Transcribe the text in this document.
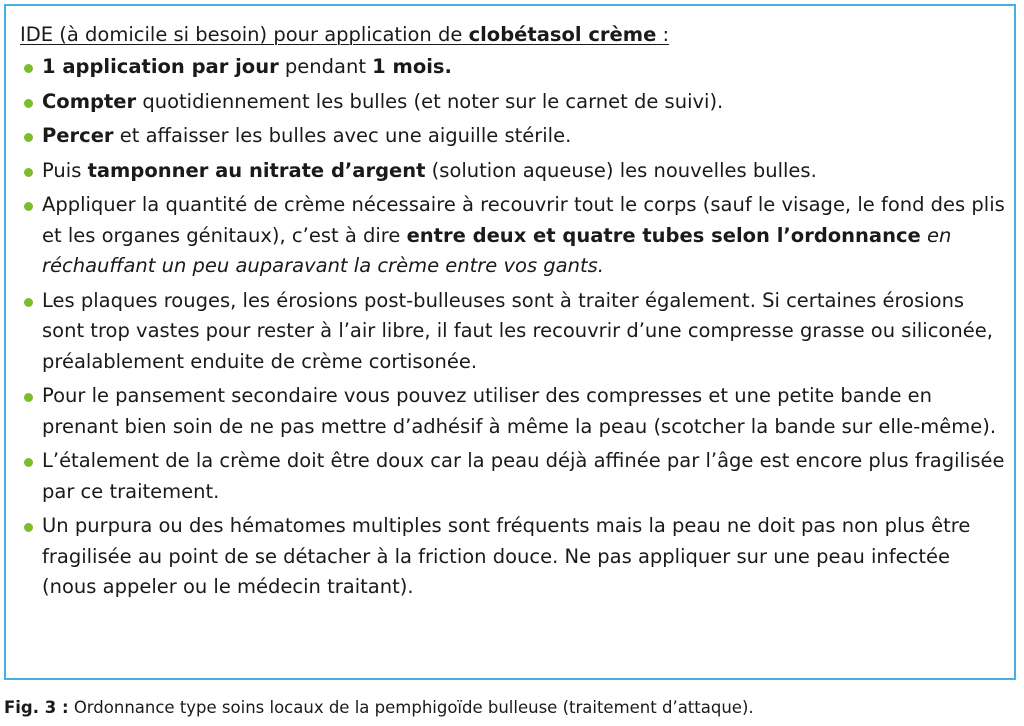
IDE (à domicile si besoin) pour application de clobétasol crème :
1 application par jour pendant 1 mois.
Compter quotidiennement les bulles (et noter sur le carnet de suivi).
Percer et affaisser les bulles avec une aiguille stérile.
Puis tamponner au nitrate d’argent (solution aqueuse) les nouvelles bulles.
Appliquer la quantité de crème nécessaire à recouvrir tout le corps (sauf le visage, le fond des plis et les organes génitaux), c’est à dire entre deux et quatre tubes selon l’ordonnance en réchauffant un peu auparavant la crème entre vos gants.
Les plaques rouges, les érosions post-bulleuses sont à traiter également. Si certaines érosions sont trop vastes pour rester à l’air libre, il faut les recouvrir d’une compresse grasse ou siliconée, préalablement enduite de crème cortisonée.
Pour le pansement secondaire vous pouvez utiliser des compresses et une petite bande en prenant bien soin de ne pas mettre d’adhésif à même la peau (scotcher la bande sur elle-même).
L’étalement de la crème doit être doux car la peau déjà affinée par l’âge est encore plus fragilisée par ce traitement.
Un purpura ou des hématomes multiples sont fréquents mais la peau ne doit pas non plus être fragilisée au point de se détacher à la friction douce. Ne pas appliquer sur une peau infectée (nous appeler ou le médecin traitant).
Fig. 3 : Ordonnance type soins locaux de la pemphigoïde bulleuse (traitement d’attaque).
